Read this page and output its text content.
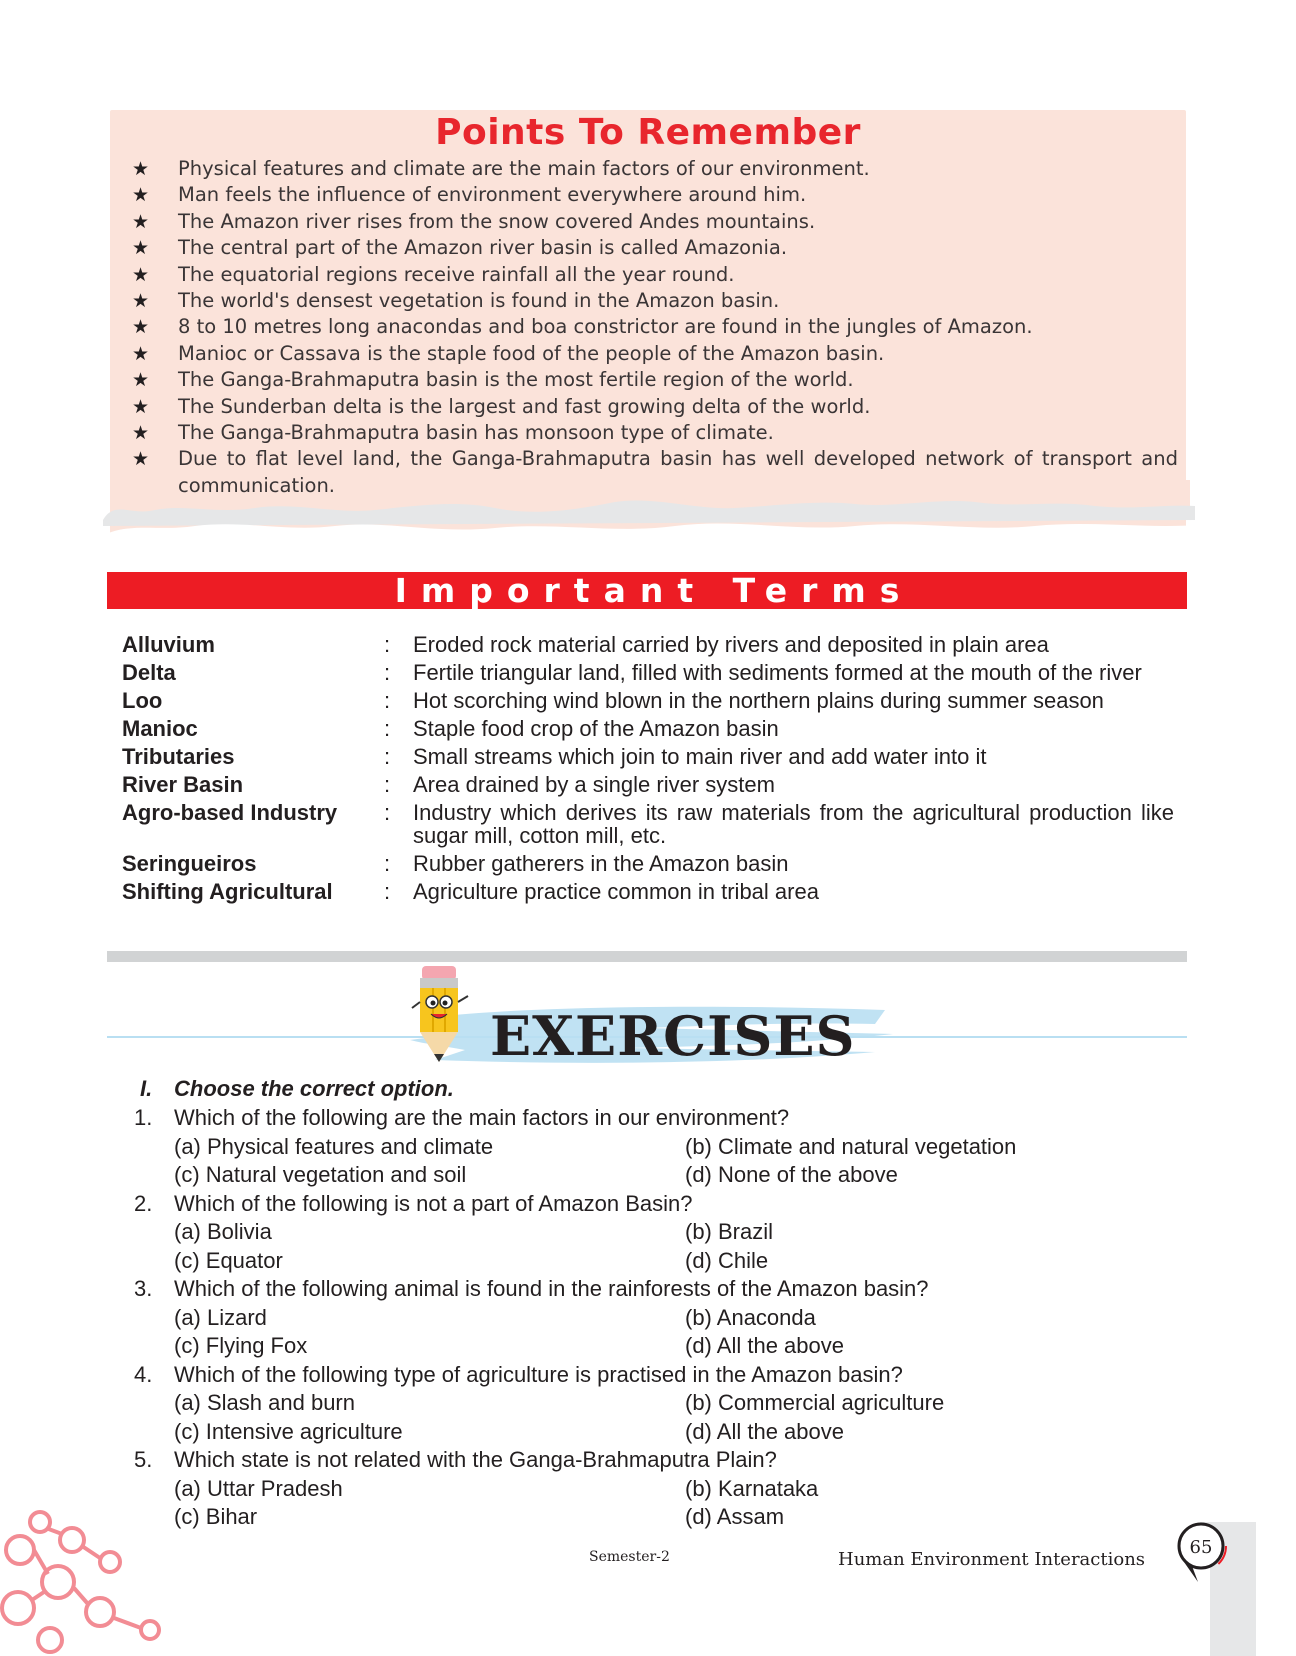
Points To Remember
★ Physical features and climate are the main factors of our environment.
★ Man feels the influence of environment everywhere around him.
★ The Amazon river rises from the snow covered Andes mountains.
★ The central part of the Amazon river basin is called Amazonia.
★ The equatorial regions receive rainfall all the year round.
★ The world's densest vegetation is found in the Amazon basin.
★ 8 to 10 metres long anacondas and boa constrictor are found in the jungles of Amazon.
★ Manioc or Cassava is the staple food of the people of the Amazon basin.
★ The Ganga-Brahmaputra basin is the most fertile region of the world.
★ The Sunderban delta is the largest and fast growing delta of the world.
★ The Ganga-Brahmaputra basin has monsoon type of climate.
★ Due to flat level land, the Ganga-Brahmaputra basin has well developed network of transport and communication.
Important Terms
Alluvium	:	Eroded rock material carried by rivers and deposited in plain area
Delta	:	Fertile triangular land, filled with sediments formed at the mouth of the river
Loo	:	Hot scorching wind blown in the northern plains during summer season
Manioc	:	Staple food crop of the Amazon basin
Tributaries	:	Small streams which join to main river and add water into it
River Basin	:	Area drained by a single river system
Agro-based Industry	:	Industry which derives its raw materials from the agricultural production like sugar mill, cotton mill, etc.
Seringueiros	:	Rubber gatherers in the Amazon basin
Shifting Agricultural	:	Agriculture practice common in tribal area
EXERCISES
I. Choose the correct option.
1. Which of the following are the main factors in our environment?
(a) Physical features and climate	(b) Climate and natural vegetation
(c) Natural vegetation and soil	(d) None of the above
2. Which of the following is not a part of Amazon Basin?
(a) Bolivia	(b) Brazil
(c) Equator	(d) Chile
3. Which of the following animal is found in the rainforests of the Amazon basin?
(a) Lizard	(b) Anaconda
(c) Flying Fox	(d) All the above
4. Which of the following type of agriculture is practised in the Amazon basin?
(a) Slash and burn	(b) Commercial agriculture
(c) Intensive agriculture	(d) All the above
5. Which state is not related with the Ganga-Brahmaputra Plain?
(a) Uttar Pradesh	(b) Karnataka
(c) Bihar	(d) Assam
Semester-2	Human Environment Interactions
65
